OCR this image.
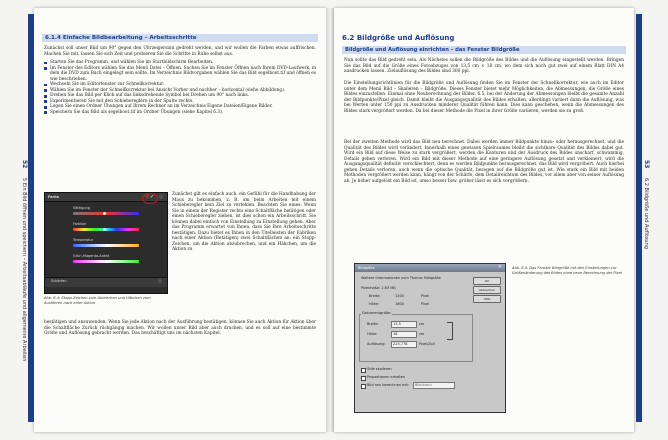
6.1.4 Einfache Bildbearbeitung – Arbeitsschritte
Zunächst soll unser Bild um 90° gegen den Uhrzeigersinn gedreht werden, und wir wollen die Farben etwas auffrischen. Machen Sie mit, lassen Sie sich Zeit und probieren Sie die Schritte in Ruhe selbst aus.
Starten Sie das Programm, und wählen Sie im Startbildschirm Bearbeiten.
Im Fenster des Editors wählen Sie das Menü Datei – Öffnen. Suchen Sie im Fenster Öffnen nach Ihrem DVD-Laufwerk, in dem die DVD zum Buch eingelegt sein sollte. Im Verzeichnis Bildvorgaben wählen Sie das Bild segelboot.tif und öffnen es wie beschrieben.
Wechseln Sie im Editorfenster zur Schnellkorrektur.
Wählen Sie im Fenster der Schnellkorrektur bei Ansicht Vorher und nachher – horizontal (siehe Abbildung).
Drehen Sie das Bild per Klick auf das linksdrehende Symbol bei Drehen um 90° nach links.
Experimentieren Sie mit den Schiebereglern in der Spalte rechts.
Legen Sie einen Ordner Übungen auf Ihrem Rechner an im Verzeichnis Eigene Dateien/Eigene Bilder.
Speichern Sie das Bild als segelboot.tif im Ordner Übungen (siehe Kapitel 6.3).
Farbe	⊘ ✔ ⓘ
Sättigung
Farbton
Temperatur
Grün-Magenta-Anteil
Schärfen	ⓘ
Abb. 6.4: Stopp-Zeichen zum Abbrechen und Häkchen zum Ausführen nach einer Aktion
Zunächst gilt es einfach auch, ein Gefühl für die Handhabung der Maus zu bekommen, z. B. um beim Arbeiten mit einem Schieberegler kein Ziel zu verfehlen. Beachten Sie eines: Wenn Sie in einem der Register rechts eine Schaltfläche betätigen oder einen Schieberegler ziehen, ist dies schon ein Arbeitsschritt. Sie können dabei einfach von Einstellung zu Einstellung gehen. Aber das Programm erwartet von Ihnen, dass Sie Ihre Arbeitsschritte bestätigen. Dazu bietet es Ihnen in den Titelleisten der Fabriken nach einer Aktion (Betätigen) zwei Schaltflächen an: ein Stopp-Zeichen, um die Aktion abzubrechen, und ein Häkchen, um die Aktion zu
bestätigen und anzuwenden. Wenn Sie jede Aktion nach der Ausführung bestätigen, können Sie auch Aktion für Aktion über die Schaltfläche Zurück rückgängig machen. Wir wollen unser Bild aber auch drucken, und es soll auf eine bestimmte Größe und Auflösung gebracht werden. Das beschäftigt uns im nächsten Kapitel.
52
5 Ein Bild öffnen und speichern – Arbeitsabläufe und allgemeine Arbeiten
6.2 Bildgröße und Auflösung
Bildgröße und Auflösung einrichten – das Fenster Bildgröße
Nun sollte das Bild gedreht sein. Als Nächstes sollen die Bildgröße des Bildes und die Auflösung eingestellt werden. Bringen Sie das Bild auf die Größe eines Fotoabzuges von 13,5 cm × 18 cm, wo dem sich noch gut zwei auf einem Blatt DIN A4 ausdrucken lassen. Zielauflösung des Bildes sind 300 ppi.
Die Einstellungsrichtlinien für die Bildgröße und Auflösung finden Sie im Fenster der Schnellkorrektur, wie auch im Editor unter dem Menü Bild – Skalieren – Bildgröße. Dieses Fenster bietet mehr Möglichkeiten, die Abmessungen, die Größe eines Bildes einzustellen. Einmal ohne Neuberechnung der Bilder. 6.5, bei der Änderung der Abmessungen bleibt die gesamte Anzahl der Bildpunkte/Pixel gleich. Damit bleibt die Ausgangsqualität des Bildes erhalten, allerdings variiert dann die Auflösung, was bei Werten unter 150 ppi zu Ausdrucken minderer Qualität führen kann. Dies kann geschehen, wenn die Abmessungen des Bildes stark vergrößert werden. Da bei dieser Methode die Pixel in ihrer Größe variieren, werden sie zu groß.
Bei der zweiten Methode wird das Bild neu berechnet. Dabei werden immer Bildpunkte hinzu- oder herausgerechnet, und die Qualität des Bildes wird verändert. Innerhalb eines gewissen Spielraumes bleibt die sichtbare Qualität des Bildes dabei gut. Wird ein Bild auf diese Weise zu stark vergrößert, werden die Konturen und der Ausdruck des Bildes unscharf, schwammig, Details gehen verloren. Wird ein Bild mit dieser Methode auf eine geringere Auflösung gesetzt und verkleinert, wird die Ausgangsqualität definitiv verschlechtert, denn es werden Bildpunkte herausgerechnet, das Bild wird vergröbert. Auch hierbei gehen Details verloren, auch wenn die optische Qualität, bezogen auf die Bildgröße gut ist. Wie stark ein Bild mit beiden Methoden vergrößert werden kann, hängt von der Schärfe, dem Detailreichtum des Bildes, vor allem aber von seiner Auflösung ab. Je höher aufgelöst ein Bild ist, umso besser bzw. größer lässt es sich vergrößern.
Bildgröße	✕
Weitere Informationen zum Thema: Bildgröße
OK
Abbrechen
Hilfe
Pixelmaße: 1,63 MB
Breite:	1200	Pixel
Höhe:	1600	Pixel
Dokumentgröße:
Breite:	13,5	cm
Höhe:	18	cm
Auflösung: 225,778	Pixel/Zoll
Stile skalieren
Proportionen erhalten
Bild neu berechnen mit: Bikubisch
Abb. 6.5: Das Fenster Bildgröße mit den Einstellungen zur Größenänderung des Bildes ohne neue Berechnung der Pixel
53
6.2 Bildgröße und Auflösung
